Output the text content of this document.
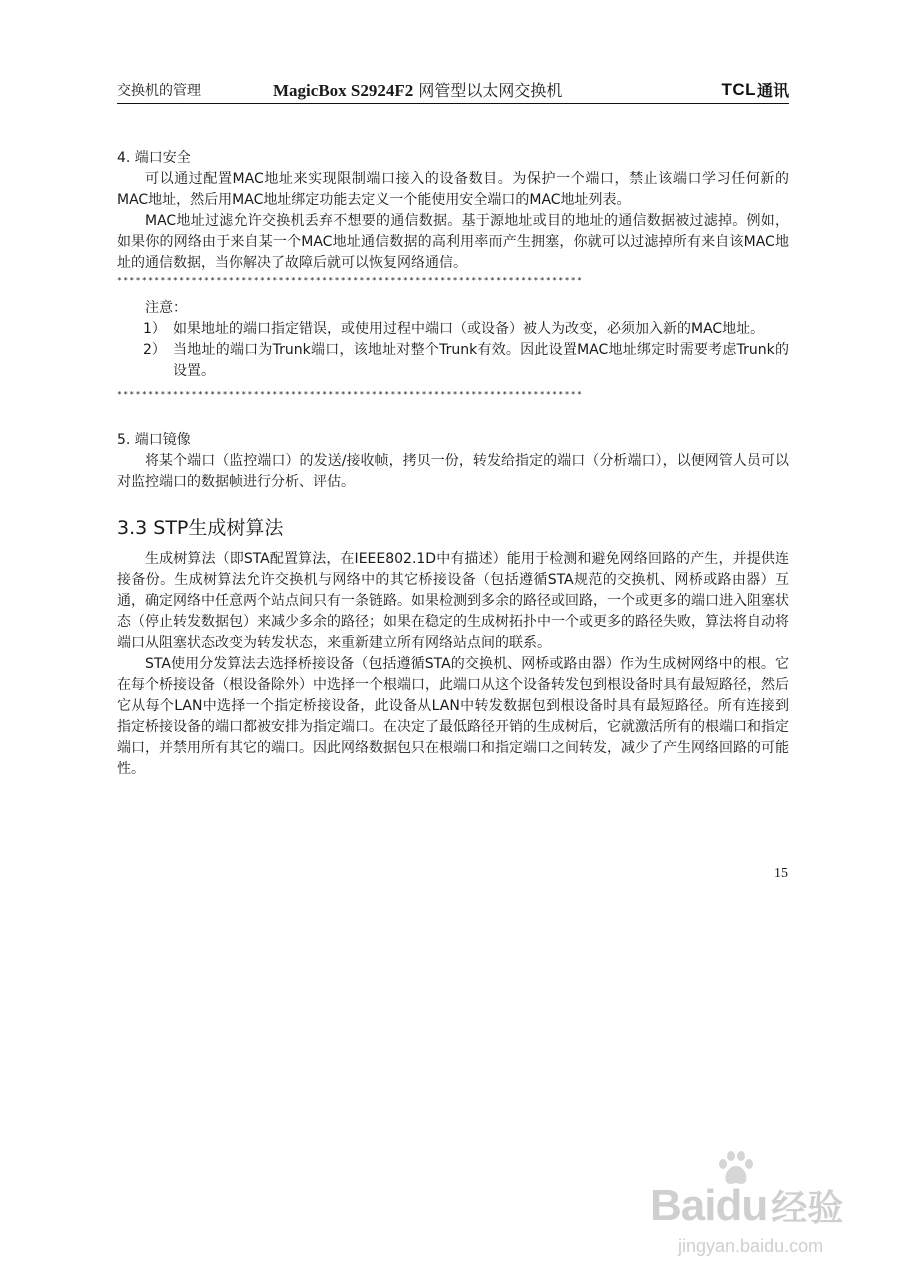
交换机的管理	MagicBox S2924F2 网管型以太网交换机	TCL 通讯
4. 端口安全

可以通过配置MAC地址来实现限制端口接入的设备数目。为保护一个端口，禁止该端口学习任何新的MAC地址，然后用MAC地址绑定功能去定义一个能使用安全端口的MAC地址列表。

MAC地址过滤允许交换机丢弃不想要的通信数据。基于源地址或目的地址的通信数据被过滤掉。例如，如果你的网络由于来自某一个MAC地址通信数据的高利用率而产生拥塞，你就可以过滤掉所有来自该MAC地址的通信数据，当你解决了故障后就可以恢复网络通信。

***************************************************************************
注意：
1） 如果地址的端口指定错误，或使用过程中端口（或设备）被人为改变，必须加入新的MAC地址。
2） 当地址的端口为Trunk端口，该地址对整个Trunk有效。因此设置MAC地址绑定时需要考虑Trunk的设置。
***************************************************************************
5. 端口镜像

将某个端口（监控端口）的发送/接收帧，拷贝一份，转发给指定的端口（分析端口），以便网管人员可以对监控端口的数据帧进行分析、评估。

3.3 STP生成树算法

生成树算法（即STA配置算法，在IEEE802.1D中有描述）能用于检测和避免网络回路的产生，并提供连接备份。生成树算法允许交换机与网络中的其它桥接设备（包括遵循STA规范的交换机、网桥或路由器）互通，确定网络中任意两个站点间只有一条链路。如果检测到多余的路径或回路，一个或更多的端口进入阻塞状态（停止转发数据包）来减少多余的路径；如果在稳定的生成树拓扑中一个或更多的路径失败，算法将自动将端口从阻塞状态改变为转发状态，来重新建立所有网络站点间的联系。

STA使用分发算法去选择桥接设备（包括遵循STA的交换机、网桥或路由器）作为生成树网络中的根。它在每个桥接设备（根设备除外）中选择一个根端口，此端口从这个设备转发包到根设备时具有最短路径，然后它从每个LAN中选择一个指定桥接设备，此设备从LAN中转发数据包到根设备时具有最短路径。所有连接到指定桥接设备的端口都被安排为指定端口。在决定了最低路径开销的生成树后，它就激活所有的根端口和指定端口，并禁用所有其它的端口。因此网络数据包只在根端口和指定端口之间转发，减少了产生网络回路的可能性。

15
Baidu 经验
jingyan.baidu.com
